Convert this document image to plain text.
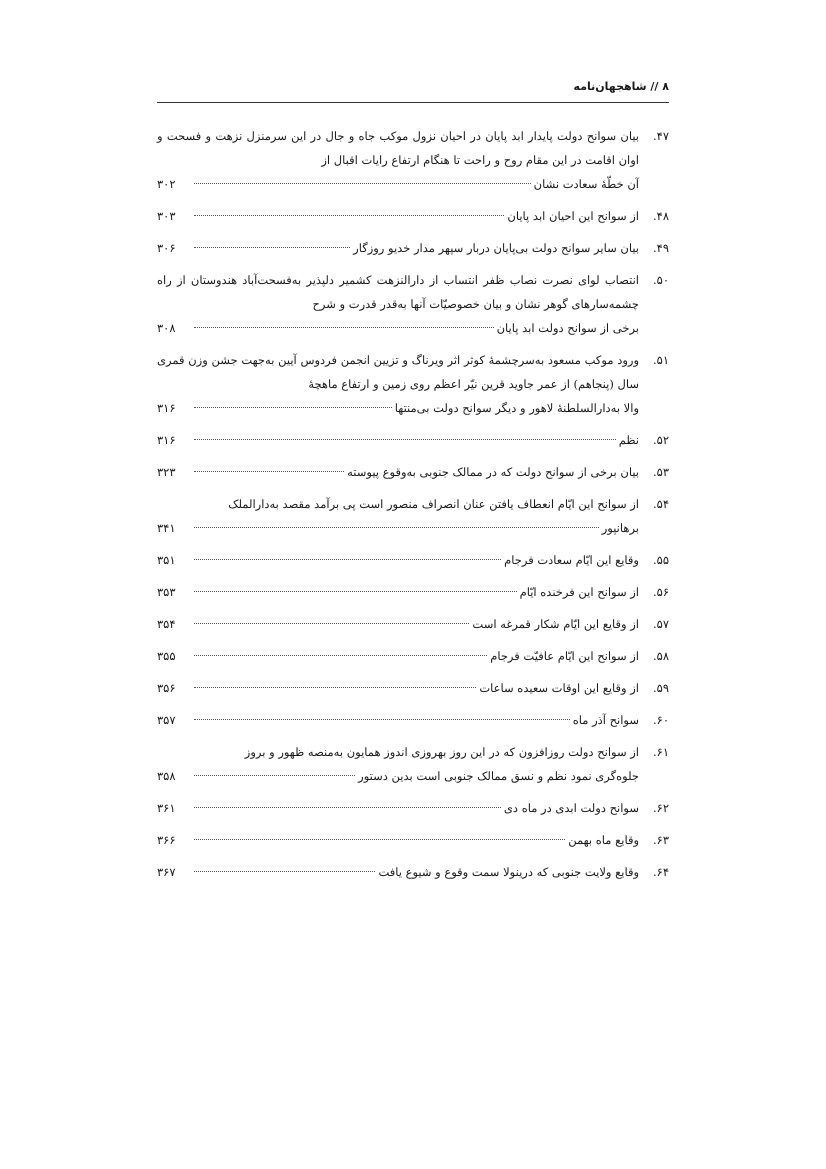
۸ // شاهجهان‌نامه
۴۷.
بیان سوانح دولت پایدار ابد پایان در احیان نزول موکب جاه و جال در این سرمنزل نزهت و فسحت و اوان اقامت در این مقام روح و راحت تا هنگام ارتفاع رایات اقبال از
آن خطّهٔ سعادت نشان
۳۰۲
۴۸.
از سوانح این احیان ابد پایان
۳۰۳
۴۹.
بیان سایر سوانح دولت بی‌پایان دربار سپهر مدار خدیو روزگار
۳۰۶
۵۰.
انتصاب لوای نصرت نصاب ظفر انتساب از دارالنزهت کشمیر دلپذیر به‌فسحت‌آباد هندوستان از راه چشمه‌سارهای گوهر نشان و بیان خصوصیّات آنها به‌قدر قدرت و شرح
برخی از سوانح دولت ابد پایان
۳۰۸
۵۱.
ورود موکب مسعود به‌سرچشمهٔ کوثر اثر ویرناگ و تزیین انجمن فردوس آیین به‌جهت جشن وزن قمری سال (پنجاهم) از عمر جاوید قرین نیّر اعظم روی زمین و ارتفاع ماهچهٔ
والا به‌دارالسلطنهٔ لاهور و دیگر سوانح دولت بی‌منتها
۳۱۶
۵۲.
نظم
۳۱۶
۵۳.
بیان برخی از سوانح دولت که در ممالک جنوبی به‌وقوع پیوسته
۳۲۳
۵۴.
از سوانح این ایّام انعطاف یافتن عنان انصراف منصور است پی برآمد مقصد به‌دارالملک
برهانپور
۳۴۱
۵۵.
وقایع این ایّام سعادت فرجام
۳۵۱
۵۶.
از سوانح این فرخنده ایّام
۳۵۳
۵۷.
از وقایع این ایّام شکار قمرغه است
۳۵۴
۵۸.
از سوانح این ایّام عافیّت فرجام
۳۵۵
۵۹.
از وقایع این اوقات سعیده ساعات
۳۵۶
۶۰.
سوانح آذر ماه
۳۵۷
۶۱.
از سوانح دولت روزافزون که در این روز بهروزی اندوز همایون به‌منصه ظهور و بروز
جلوه‌گری نمود نظم و نسق ممالک جنوبی است بدین دستور
۳۵۸
۶۲.
سوانح دولت ابدی در ماه دی
۳۶۱
۶۳.
وقایع ماه بهمن
۳۶۶
۶۴.
وقایع ولایت جنوبی که درینولا سمت وقوع و شیوع یافت
۳۶۷
